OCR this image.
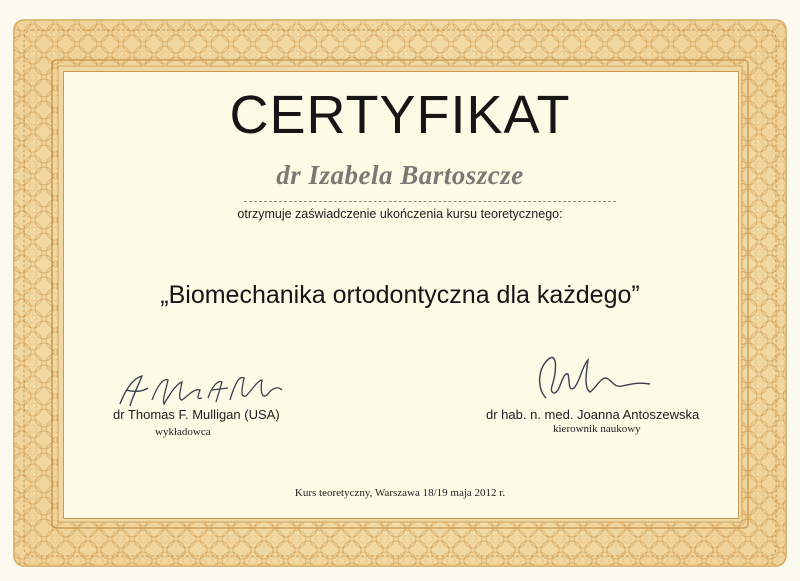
CERTYFIKAT
dr Izabela Bartoszcze
otrzymuje zaświadczenie ukończenia kursu teoretycznego:
„Biomechanika ortodontyczna dla każdego”
dr Thomas F. Mulligan (USA)
wykładowca
dr hab. n. med. Joanna Antoszewska
kierownik naukowy
Kurs teoretyczny, Warszawa 18/19 maja 2012 r.
